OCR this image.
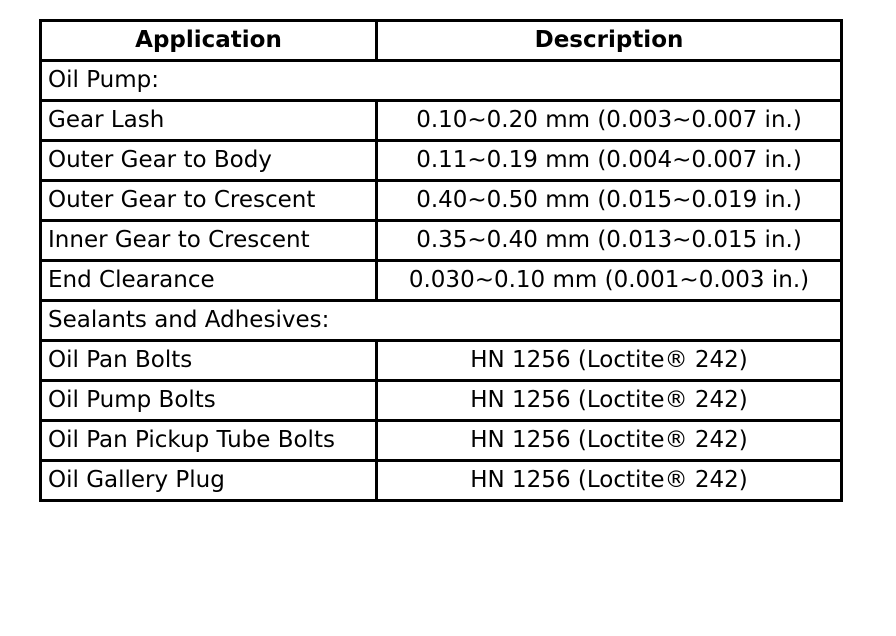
Application	Description
Oil Pump:	
Gear Lash	0.10~0.20 mm (0.003~0.007 in.)
Outer Gear to Body	0.11~0.19 mm (0.004~0.007 in.)
Outer Gear to Crescent	0.40~0.50 mm (0.015~0.019 in.)
Inner Gear to Crescent	0.35~0.40 mm (0.013~0.015 in.)
End Clearance	0.030~0.10 mm (0.001~0.003 in.)
Sealants and Adhesives:	
Oil Pan Bolts	HN 1256 (Loctite® 242)
Oil Pump Bolts	HN 1256 (Loctite® 242)
Oil Pan Pickup Tube Bolts	HN 1256 (Loctite® 242)
Oil Gallery Plug	HN 1256 (Loctite® 242)
